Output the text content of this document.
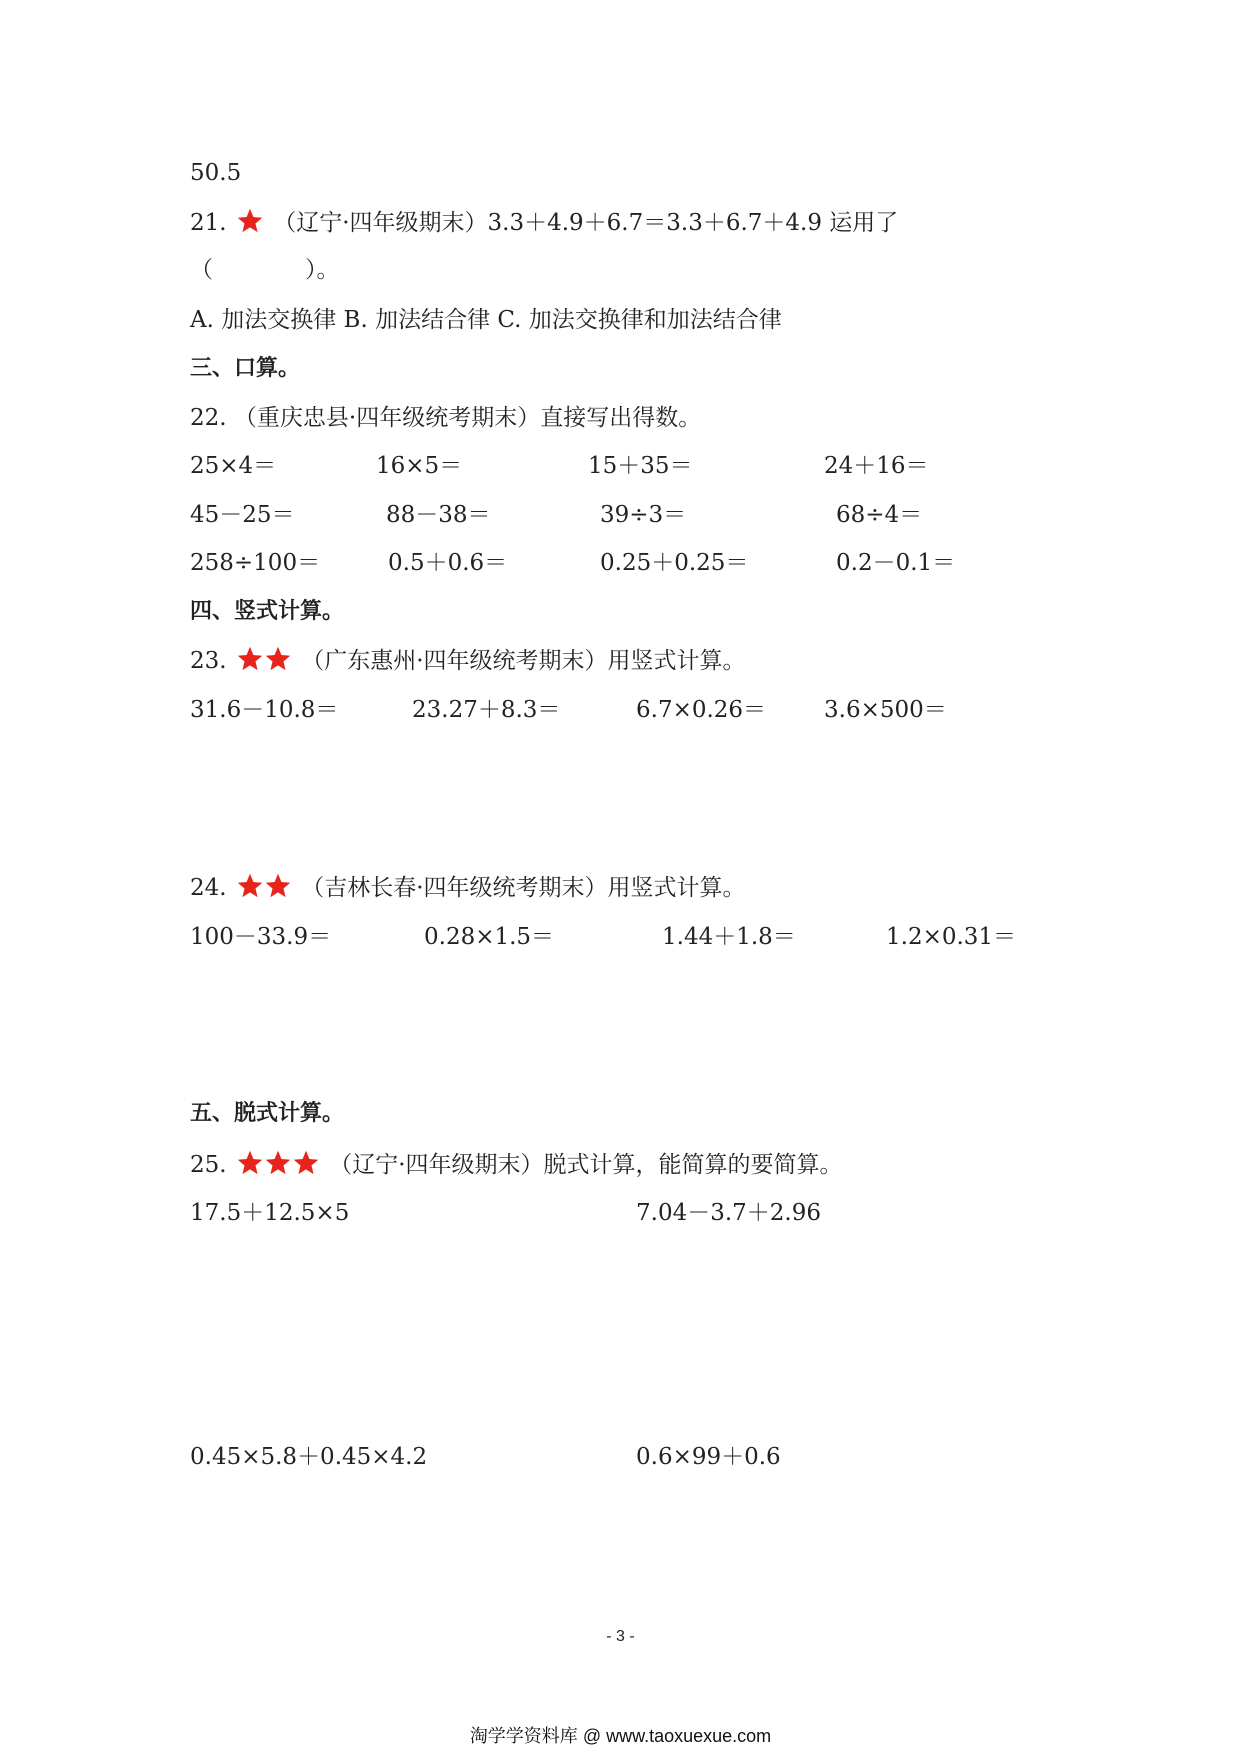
50.5
21. （辽宁·四年级期末）3.3＋4.9＋6.7＝3.3＋6.7＋4.9 运用了
（　　　　）。
A. 加法交换律 B. 加法结合律 C. 加法交换律和加法结合律
三、口算。
22. （重庆忠县·四年级统考期末）直接写出得数。
25×4＝	16×5＝	15＋35＝	24＋16＝
45－25＝	88－38＝	39÷3＝	68÷4＝
258÷100＝	0.5＋0.6＝	0.25＋0.25＝	0.2－0.1＝
四、竖式计算。
23.	（广东惠州·四年级统考期末）用竖式计算。
31.6－10.8＝	23.27＋8.3＝	6.7×0.26＝	3.6×500＝
24.	（吉林长春·四年级统考期末）用竖式计算。
100－33.9＝	0.28×1.5＝	1.44＋1.8＝	1.2×0.31＝
五、脱式计算。
25.	（辽宁·四年级期末）脱式计算，能简算的要简算。
17.5＋12.5×5	7.04－3.7＋2.96
0.45×5.8＋0.45×4.2	0.6×99＋0.6
- 3 -
淘学学资料库 @ www.taoxuexue.com
